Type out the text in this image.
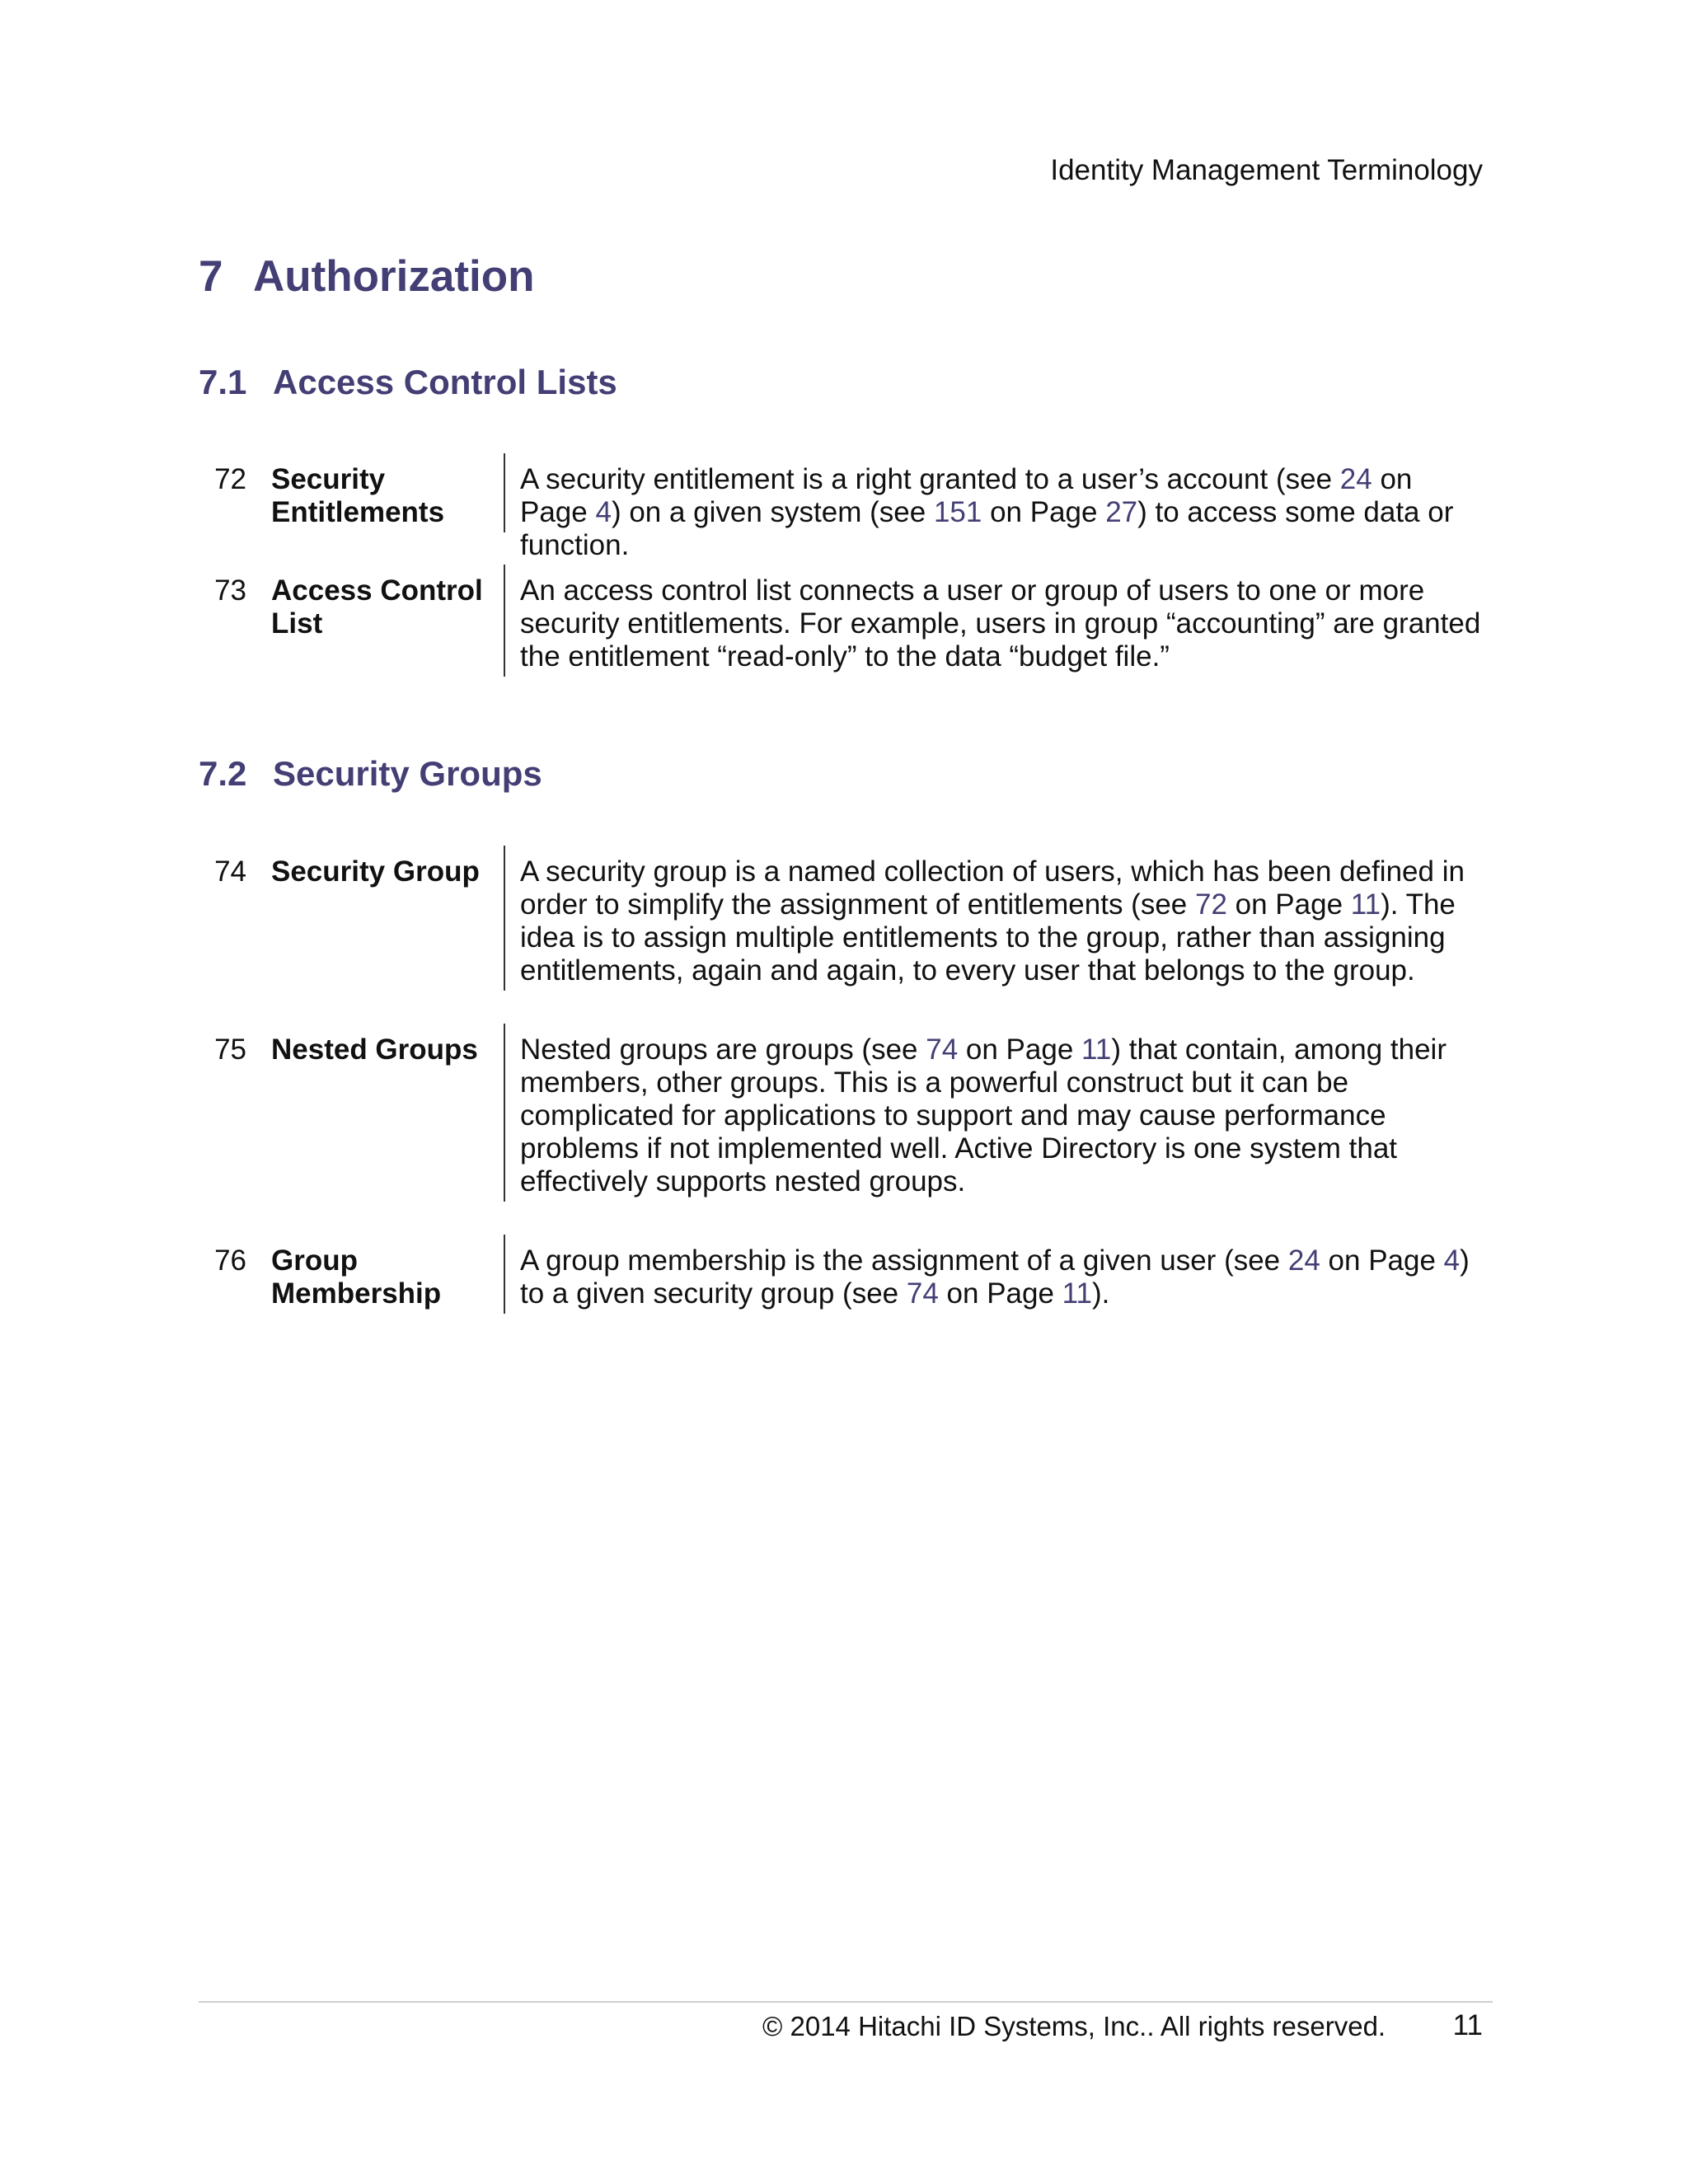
Identity Management Terminology
7 Authorization
7.1 Access Control Lists
72 Security Entitlements
A security entitlement is a right granted to a user’s account (see 24 on Page 4) on a given system (see 151 on Page 27) to access some data or function.
73 Access Control List
An access control list connects a user or group of users to one or more security entitlements. For example, users in group “accounting” are granted the entitlement “read-only” to the data “budget file.”
7.2 Security Groups
74 Security Group A security group is a named collection of users, which has been defined in order to simplify the assignment of entitlements (see 72 on Page 11). The idea is to assign multiple entitlements to the group, rather than assigning entitlements, again and again, to every user that belongs to the group.
75 Nested Groups Nested groups are groups (see 74 on Page 11) that contain, among their members, other groups. This is a powerful construct but it can be complicated for applications to support and may cause performance problems if not implemented well. Active Directory is one system that effectively supports nested groups.
76 Group Membership
A group membership is the assignment of a given user (see 24 on Page 4) to a given security group (see 74 on Page 11).
© 2014 Hitachi ID Systems, Inc.. All rights reserved. 11
